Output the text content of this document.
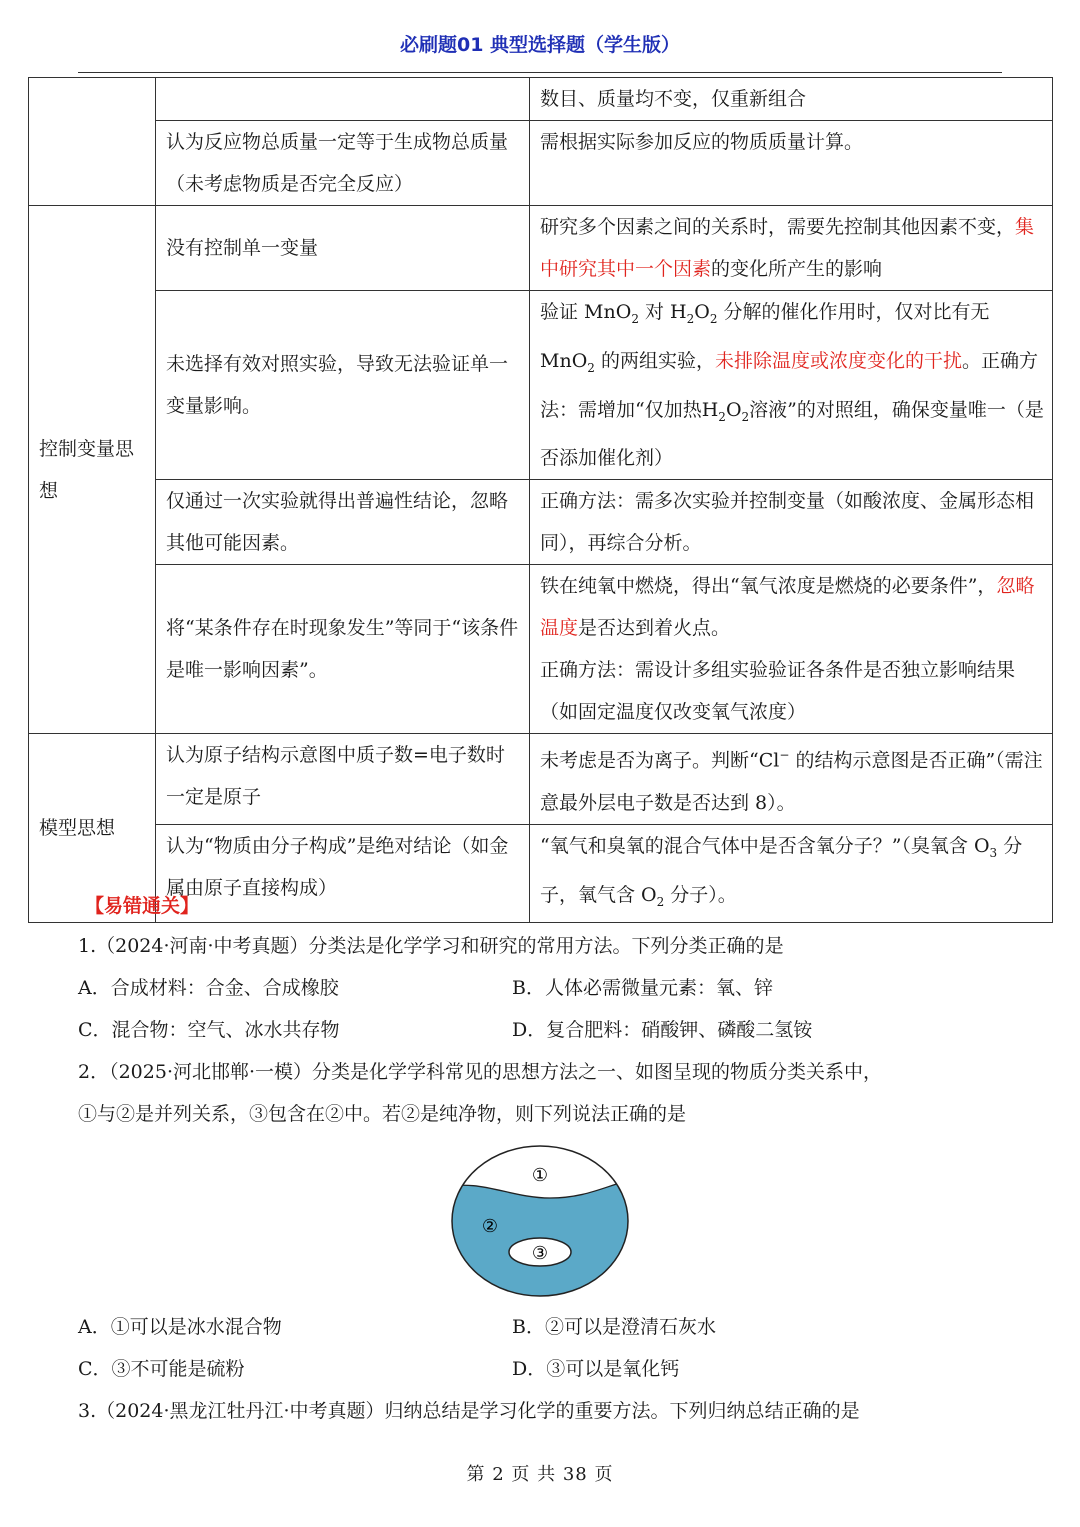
必刷题01 典型选择题（学生版）
		数目、质量均不变，仅重新组合
	认为反应物总质量一定等于生成物总质量（未考虑物质是否完全反应）	需根据实际参加反应的物质质量计算。
控制变量思想	没有控制单一变量	研究多个因素之间的关系时，需要先控制其他因素不变，集中研究其中一个因素的变化所产生的影响
	未选择有效对照实验，导致无法验证单一变量影响。	验证 MnO$_2$ 对 $H_2O_2$ 分解的催化作用时，仅对比有无MnO$_2$ 的两组实验，未排除温度或浓度变化的干扰。正确方法：需增加“仅加热$H_2O_2$溶液”的对照组，确保变量唯一（是否添加催化剂）
	仅通过一次实验就得出普遍性结论，忽略其他可能因素。	正确方法：需多次实验并控制变量（如酸浓度、金属形态相同），再综合分析。
	将“某条件存在时现象发生”等同于“该条件是唯一影响因素”。	铁在纯氧中燃烧，得出“氧气浓度是燃烧的必要条件”，忽略温度是否达到着火点。
正确方法：需设计多组实验验证各条件是否独立影响结果（如固定温度仅改变氧气浓度）
模型思想	认为原子结构示意图中质子数=电子数时一定是原子	未考虑是否为离子。判断“Cl− 的结构示意图是否正确”（需注意最外层电子数是否达到 8）。
	认为“物质由分子构成”是绝对结论（如金属由原子直接构成）	“氧气和臭氧的混合气体中是否含氧分子？”（臭氧含 $O_3$ 分子，氧气含 $O_2$ 分子）。
【易错通关】
1.（2024·河南·中考真题）分类法是化学学习和研究的常用方法。下列分类正确的是
A．合成材料：合金、合成橡胶	B．人体必需微量元素：氧、锌
C．混合物：空气、冰水共存物	D．复合肥料：硝酸钾、磷酸二氢铵
2．（2025·河北邯郸·一模）分类是化学学科常见的思想方法之一、如图呈现的物质分类关系中，
①与②是并列关系，③包含在②中。若②是纯净物，则下列说法正确的是
①
②
③
A．①可以是冰水混合物	B．②可以是澄清石灰水
C．③不可能是硫粉	D．③可以是氧化钙
3.（2024·黑龙江牡丹江·中考真题）归纳总结是学习化学的重要方法。下列归纳总结正确的是
第 2 页 共 38 页
